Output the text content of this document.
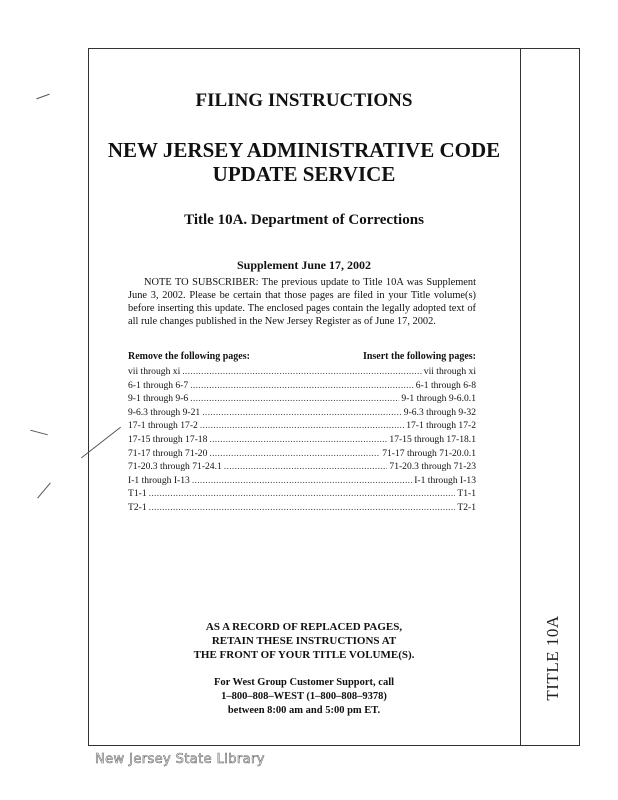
TITLE 10A
FILING INSTRUCTIONS
NEW JERSEY ADMINISTRATIVE CODE
UPDATE SERVICE
Title 10A. Department of Corrections
Supplement June 17, 2002
NOTE TO SUBSCRIBER: The previous update to Title 10A was Supplement June 3, 2002. Please be certain that those pages are filed in your Title volume(s) before inserting this update. The enclosed pages contain the legally adopted text of all rule changes published in the New Jersey Register as of June 17, 2002.
Remove the following pages:	Insert the following pages:
vii through xi .....	vii through xi
6-1 through 6-7 .....	6-1 through 6-8
9-1 through 9-6 .....	9-1 through 9-6.0.1
9-6.3 through 9-21 .....	9-6.3 through 9-32
17-1 through 17-2 .....	17-1 through 17-2
17-15 through 17-18 .....	17-15 through 17-18.1
71-17 through 71-20 .....	71-17 through 71-20.0.1
71-20.3 through 71-24.1 .....	71-20.3 through 71-23
I-1 through I-13 .....	I-1 through I-13
T1-1 .....	T1-1
T2-1 .....	T2-1
AS A RECORD OF REPLACED PAGES,
RETAIN THESE INSTRUCTIONS AT
THE FRONT OF YOUR TITLE VOLUME(S).
For West Group Customer Support, call
1–800–808–WEST (1–800–808–9378)
between 8:00 am and 5:00 pm ET.
New Jersey State Library
